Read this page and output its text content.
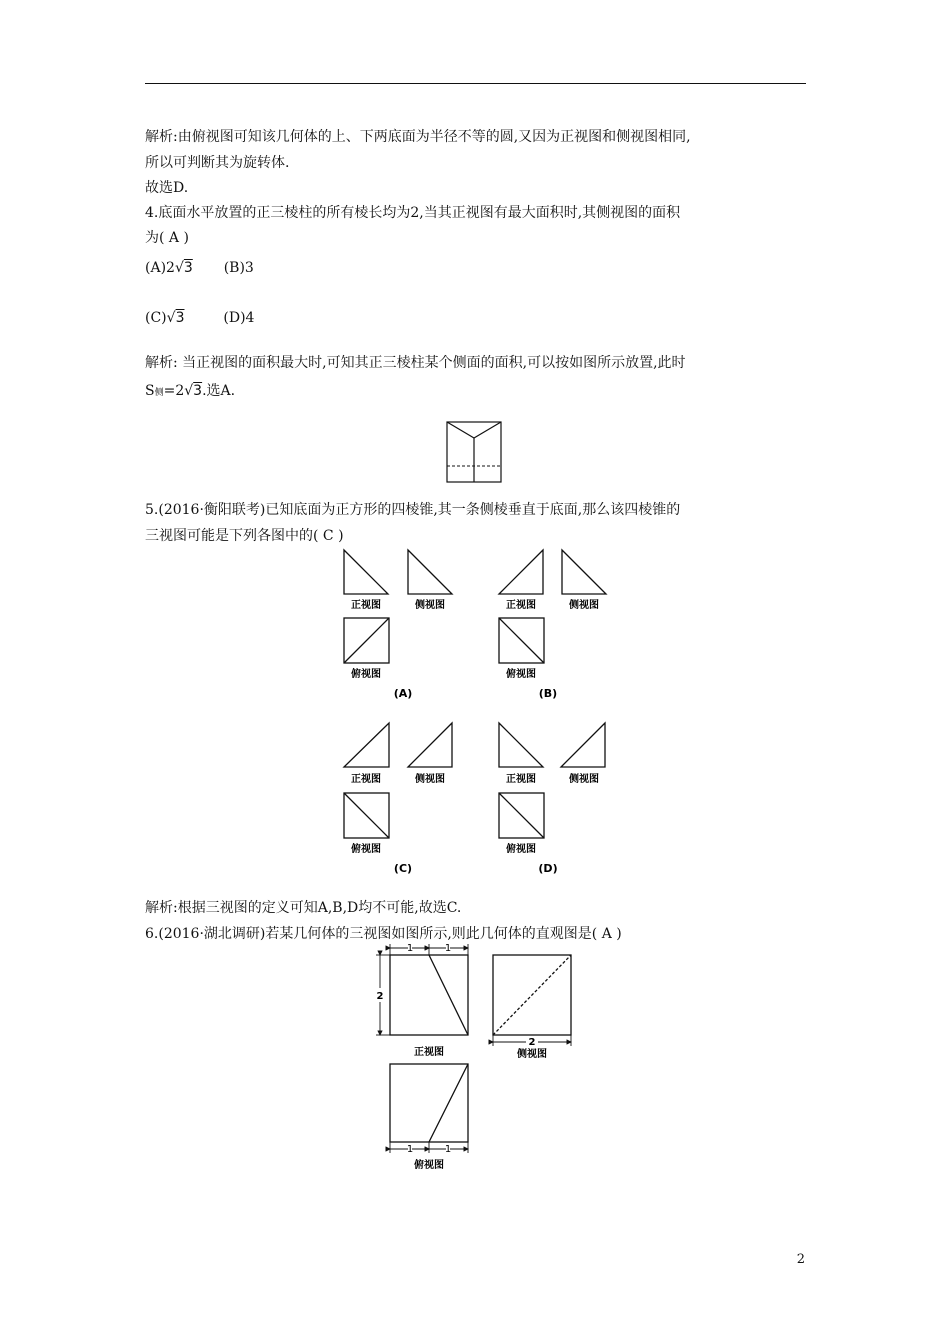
解析:由俯视图可知该几何体的上、下两底面为半径不等的圆,又因为正视图和侧视图相同,
所以可判断其为旋转体.
故选D.
4.底面水平放置的正三棱柱的所有棱长均为2,当其正视图有最大面积时,其侧视图的面积
为( A )
(A)2√3 (B)3
(C)√3	(D)4
解析: 当正视图的面积最大时,可知其正三棱柱某个侧面的面积,可以按如图所示放置,此时
S侧=2√3.选A.
5.(2016·衡阳联考)已知底面为正方形的四棱锥,其一条侧棱垂直于底面,那么该四棱锥的
三视图可能是下列各图中的( C )
正视图	侧视图
俯视图
(A)
正视图	侧视图
俯视图
(B)
正视图	侧视图
俯视图
(C)
正视图	侧视图
俯视图
(D)
解析:根据三视图的定义可知A,B,D均不可能,故选C.
6.(2016·湖北调研)若某几何体的三视图如图所示,则此几何体的直观图是( A )
1	1
2
2
1	1
正视图	侧视图
俯视图
2
